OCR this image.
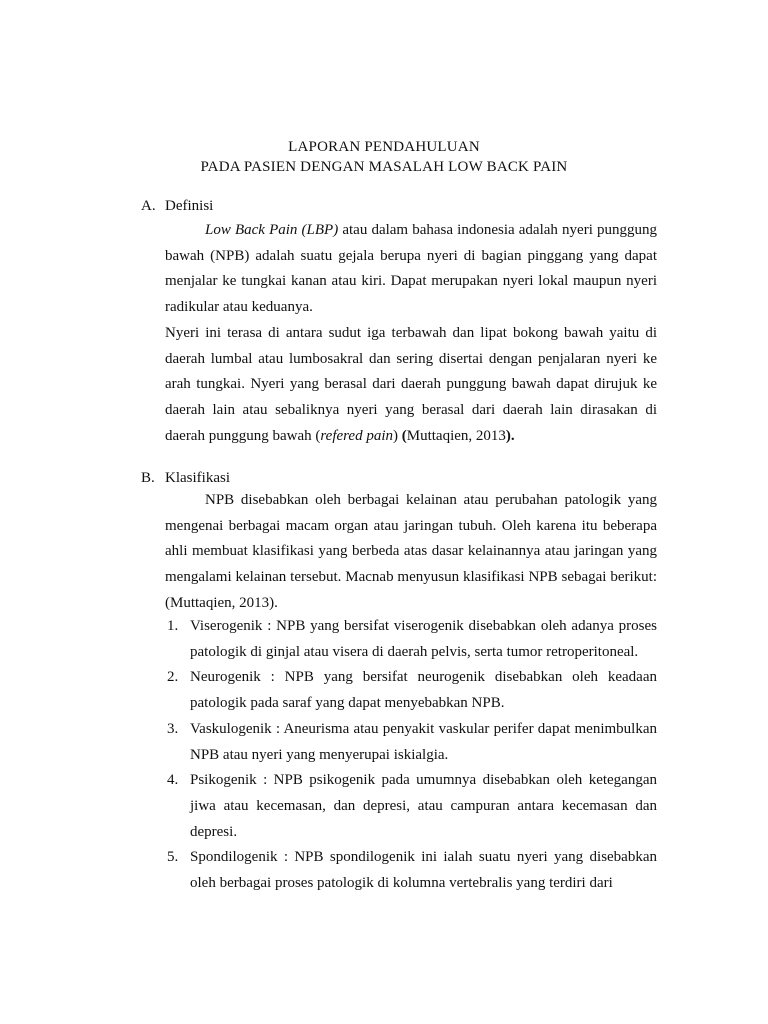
LAPORAN PENDAHULUAN
PADA PASIEN DENGAN MASALAH LOW BACK PAIN
A. Definisi

Low Back Pain (LBP) atau dalam bahasa indonesia adalah nyeri punggung bawah (NPB) adalah suatu gejala berupa nyeri di bagian pinggang yang dapat menjalar ke tungkai kanan atau kiri. Dapat merupakan nyeri lokal maupun nyeri radikular atau keduanya.

Nyeri ini terasa di antara sudut iga terbawah dan lipat bokong bawah yaitu di daerah lumbal atau lumbosakral dan sering disertai dengan penjalaran nyeri ke arah tungkai. Nyeri yang berasal dari daerah punggung bawah dapat dirujuk ke daerah lain atau sebaliknya nyeri yang berasal dari daerah lain dirasakan di daerah punggung bawah (refered pain) (Muttaqien, 2013).

B. Klasifikasi

NPB disebabkan oleh berbagai kelainan atau perubahan patologik yang mengenai berbagai macam organ atau jaringan tubuh. Oleh karena itu beberapa ahli membuat klasifikasi yang berbeda atas dasar kelainannya atau jaringan yang mengalami kelainan tersebut. Macnab menyusun klasifikasi NPB sebagai berikut: (Muttaqien, 2013).

1. Viserogenik : NPB yang bersifat viserogenik disebabkan oleh adanya proses patologik di ginjal atau visera di daerah pelvis, serta tumor retroperitoneal.
2. Neurogenik : NPB yang bersifat neurogenik disebabkan oleh keadaan patologik pada saraf yang dapat menyebabkan NPB.
3. Vaskulogenik : Aneurisma atau penyakit vaskular perifer dapat menimbulkan NPB atau nyeri yang menyerupai iskialgia.
4. Psikogenik : NPB psikogenik pada umumnya disebabkan oleh ketegangan jiwa atau kecemasan, dan depresi, atau campuran antara kecemasan dan depresi.
5. Spondilogenik : NPB spondilogenik ini ialah suatu nyeri yang disebabkan oleh berbagai proses patologik di kolumna vertebralis yang terdiri dari
